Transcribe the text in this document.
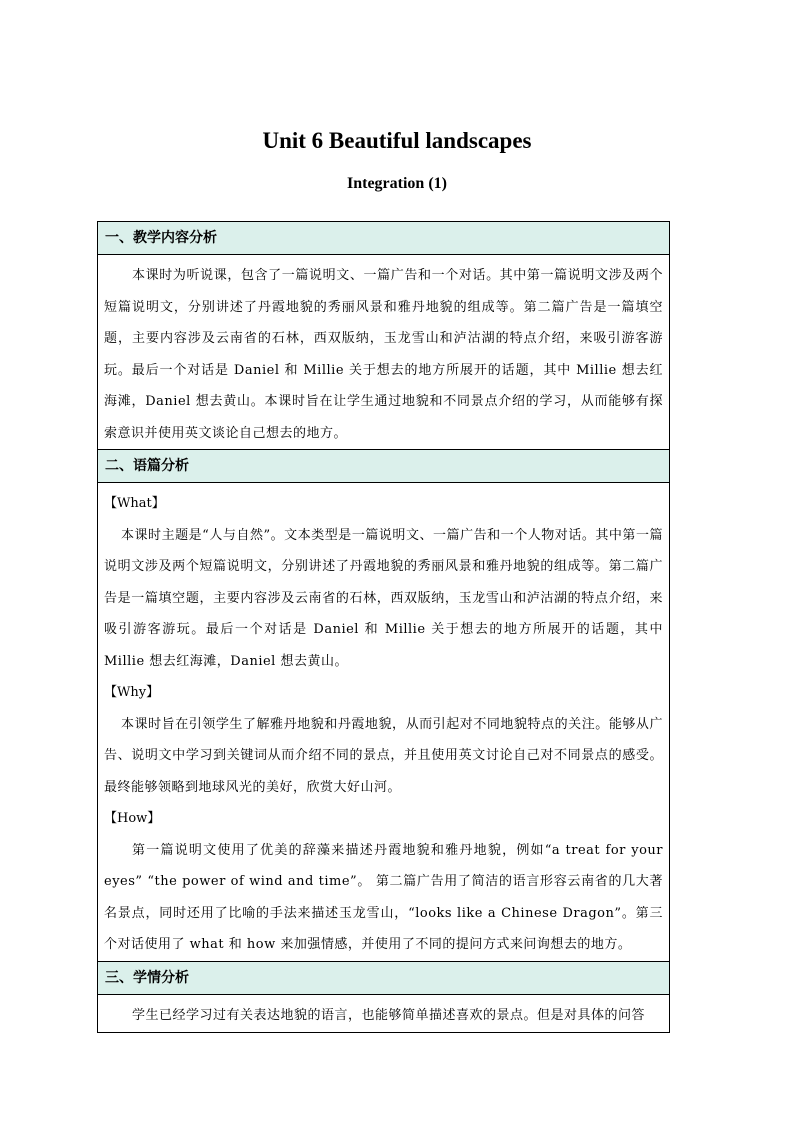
Unit 6 Beautiful landscapes
Integration (1)
一、教学内容分析

本课时为听说课，包含了一篇说明文、一篇广告和一个对话。其中第一篇说明文涉及两个短篇说明文，分别讲述了丹霞地貌的秀丽风景和雅丹地貌的组成等。第二篇广告是一篇填空题，主要内容涉及云南省的石林，西双版纳，玉龙雪山和泸沽湖的特点介绍，来吸引游客游玩。最后一个对话是 Daniel 和 Millie 关于想去的地方所展开的话题，其中 Millie 想去红海滩，Daniel 想去黄山。本课时旨在让学生通过地貌和不同景点介绍的学习，从而能够有探索意识并使用英文谈论自己想去的地方。

二、语篇分析

【What】

本课时主题是“人与自然”。文本类型是一篇说明文、一篇广告和一个人物对话。其中第一篇说明文涉及两个短篇说明文，分别讲述了丹霞地貌的秀丽风景和雅丹地貌的组成等。第二篇广告是一篇填空题，主要内容涉及云南省的石林，西双版纳，玉龙雪山和泸沽湖的特点介绍，来吸引游客游玩。最后一个对话是 Daniel 和 Millie 关于想去的地方所展开的话题，其中 Millie 想去红海滩，Daniel 想去黄山。

【Why】

本课时旨在引领学生了解雅丹地貌和丹霞地貌，从而引起对不同地貌特点的关注。能够从广告、说明文中学习到关键词从而介绍不同的景点，并且使用英文讨论自己对不同景点的感受。最终能够领略到地球风光的美好，欣赏大好山河。

【How】

第一篇说明文使用了优美的辞藻来描述丹霞地貌和雅丹地貌，例如“a treat for your eyes” “the power of wind and time”。 第二篇广告用了简洁的语言形容云南省的几大著名景点，同时还用了比喻的手法来描述玉龙雪山，“looks like a Chinese Dragon”。第三个对话使用了 what 和 how 来加强情感，并使用了不同的提问方式来问询想去的地方。

三、学情分析

学生已经学习过有关表达地貌的语言，也能够简单描述喜欢的景点。但是对具体的问答
